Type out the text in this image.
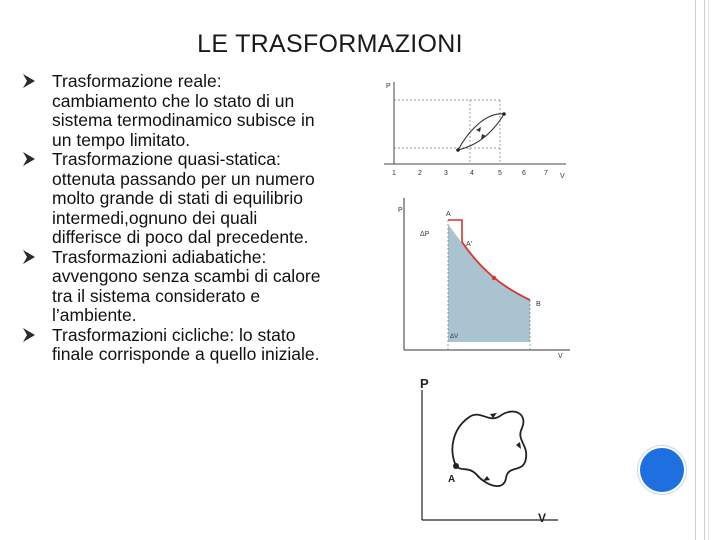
LE TRASFORMAZIONI
Trasformazione reale: cambiamento che lo stato di un sistema termodinamico subisce in un tempo limitato.
Trasformazione quasi-statica: ottenuta passando per un numero molto grande di stati di equilibrio intermedi,ognuno dei quali differisce di poco dal precedente.
Trasformazioni adiabatiche: avvengono senza scambi di calore tra il sistema considerato e l’ambiente.
Trasformazioni cicliche: lo stato finale corrisponde a quello iniziale.
P
V
1	2	3	4	5	6	7
P
V
A
A'
B
ΔP
ΔV
P
V
A
